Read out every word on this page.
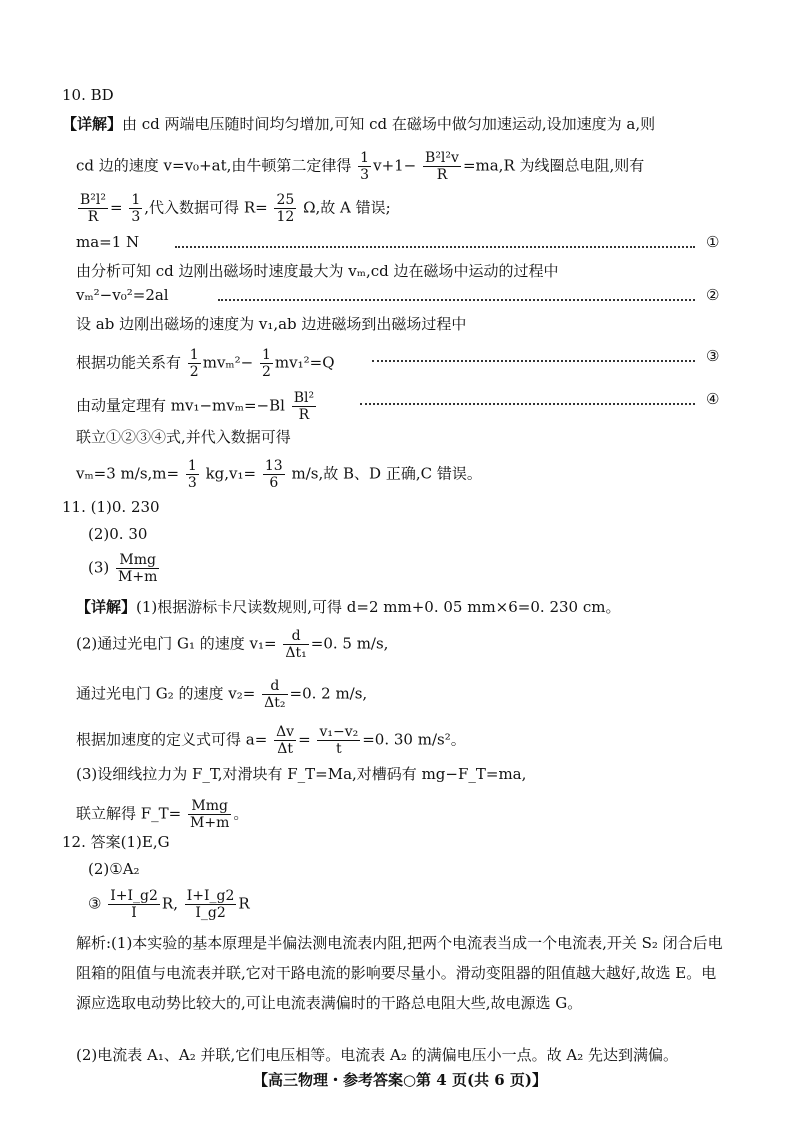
10. BD
【详解】由 cd 两端电压随时间均匀增加,可知 cd 在磁场中做匀加速运动,设加速度为 a,则
cd 边的速度 v=v₀+at,由牛顿第二定律得 $\frac{1}{3} v+1- \frac{\text{B²l²v}}{R} =ma,R$ 为线圈总电阻,则有
$\frac{\text{B²l²}}{R} = \frac{1}{3}$ ,代入数据可得 $R= \frac{25}{12} \Omega$,故 A 错误;
ma=1 N	①
由分析可知 cd 边刚出磁场时速度最大为 vₘ,cd 边在磁场中运动的过程中
vₘ²−v₀²=2al	②
设 ab 边刚出磁场的速度为 v₁,ab 边进磁场到出磁场过程中
根据功能关系有 $\frac{1}{2} mv_m^2- \frac{1}{2} mv_1^2=Q$	③
由动量定理有 $mv_1-mv_m=-Bl \frac{\text{Bl²}}{R}$	④
联立①②③④式,并代入数据可得
vₘ=3 $m/s,m= \frac{1}{3} kg,v_1= \frac{13}{6} m/s$,故 B、D 正确,C 错误。
11. (1)0. 230
(2)0. 30
$(3) \frac{\text{Mmg}}{M+m}$
【详解】(1)根据游标卡尺读数规则,可得 d=2 mm+0. 05 mm×6=0. 230 cm。
(2)通过光电门 G₁ 的速度 $v_1= \frac{d}{\text{Δt₁}} =0$. 5 m/s,
通过光电门 G₂ 的速度 $v_2= \frac{d}{\text{Δt₂}} =0$. 2 m/s,
根据加速度的定义式可得 $a= \frac{\Delta v}{\Delta t} = \frac{\text{v₁−v₂}}{t} =0$. 30 m/s²。
(3)设细线拉力为 F_T,对滑块有 F_T=Ma,对槽码有 mg−F_T=ma,
联立解得 F_T= $\frac{\text{Mmg}}{M+m}$ 。
12. 答案(1)E,G
(2)①A₂
③ $\frac{I+I\_g2}{I} R$, $\frac{I+I\_g2}{I\_g2}$ R
解析:(1)本实验的基本原理是半偏法测电流表内阻,把两个电流表当成一个电流表,开关 S₂ 闭合后电阻箱的阻值与电流表并联,它对干路电流的影响要尽量小。滑动变阻器的阻值越大越好,故选 E。电源应选取电动势比较大的,可让电流表满偏时的干路总电阻大些,故电源选 G。
(2)电流表 A₁、A₂ 并联,它们电压相等。电流表 A₂ 的满偏电压小一点。故 A₂ 先达到满偏。
【高三物理・参考答案○第 4 页(共 6 页)】
